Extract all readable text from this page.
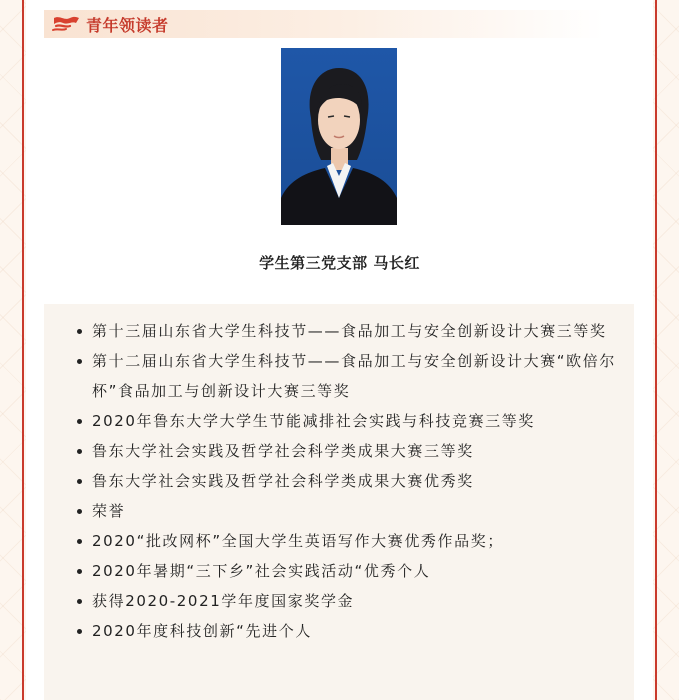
青年领读者
学生第三党支部 马长红
第十三届山东省大学生科技节——食品加工与安全创新设计大赛三等奖
第十二届山东省大学生科技节——食品加工与安全创新设计大赛“欧倍尔杯”食品加工与创新设计大赛三等奖
2020年鲁东大学大学生节能减排社会实践与科技竞赛三等奖
鲁东大学社会实践及哲学社会科学类成果大赛三等奖
鲁东大学社会实践及哲学社会科学类成果大赛优秀奖
荣誉
2020“批改网杯”全国大学生英语写作大赛优秀作品奖；
2020年暑期“三下乡”社会实践活动“优秀个人
获得2020-2021学年度国家奖学金
2020年度科技创新“先进个人
